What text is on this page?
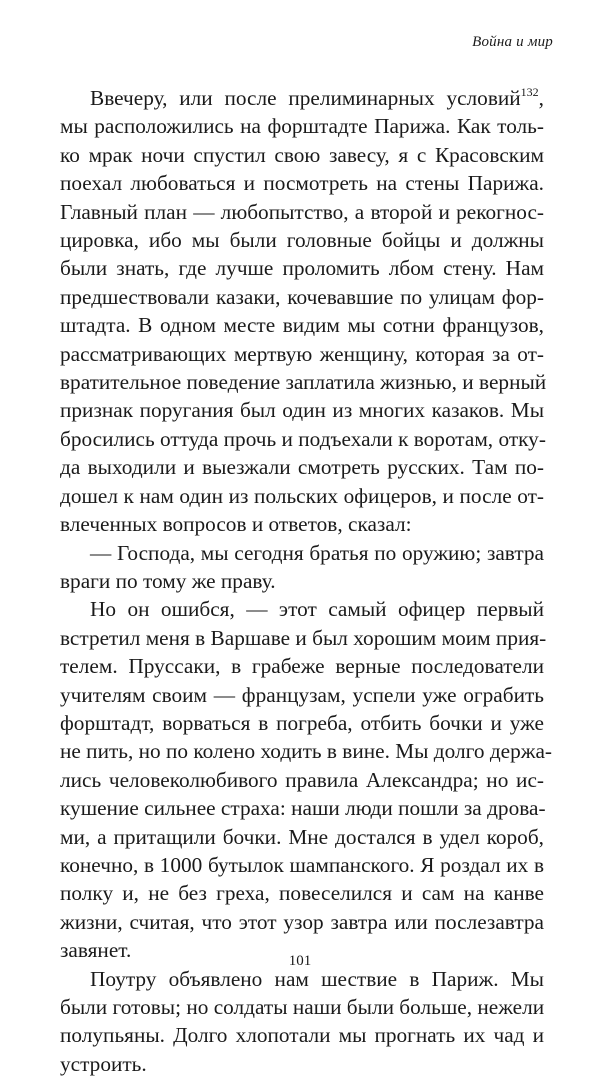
Война и мир
Ввечеру, или после прелиминарных условий$^{132}$,
мы расположились на форштадте Парижа. Как толь-
ко мрак ночи спустил свою завесу, я с Красовским
поехал любоваться и посмотреть на стены Парижа.
Главный план — любопытство, а второй и рекогнос-
цировка, ибо мы были головные бойцы и должны
были знать, где лучше проломить лбом стену. Нам
предшествовали казаки, кочевавшие по улицам фор-
штадта. В одном месте видим мы сотни французов,
рассматривающих мертвую женщину, которая за от-
вратительное поведение заплатила жизнью, и верный
признак поругания был один из многих казаков. Мы
бросились оттуда прочь и подъехали к воротам, отку-
да выходили и выезжали смотреть русских. Там по-
дошел к нам один из польских офицеров, и после от-
влеченных вопросов и ответов, сказал:
— Господа, мы сегодня братья по оружию; завтра
враги по тому же праву.
Но он ошибся, — этот самый офицер первый
встретил меня в Варшаве и был хорошим моим прия-
телем. Пруссаки, в грабеже верные последователи
учителям своим — французам, успели уже ограбить
форштадт, ворваться в погреба, отбить бочки и уже
не пить, но по колено ходить в вине. Мы долго держа-
лись человеколюбивого правила Александра; но ис-
кушение сильнее страха: наши люди пошли за дрова-
ми, а притащили бочки. Мне достался в удел короб,
конечно, в 1000 бутылок шампанского. Я роздал их в
полку и, не без греха, повеселился и сам на канве
жизни, считая, что этот узор завтра или послезавтра
завянет.
Поутру объявлено нам шествие в Париж. Мы
были готовы; но солдаты наши были больше, нежели
полупьяны. Долго хлопотали мы прогнать их чад и
устроить.
101
